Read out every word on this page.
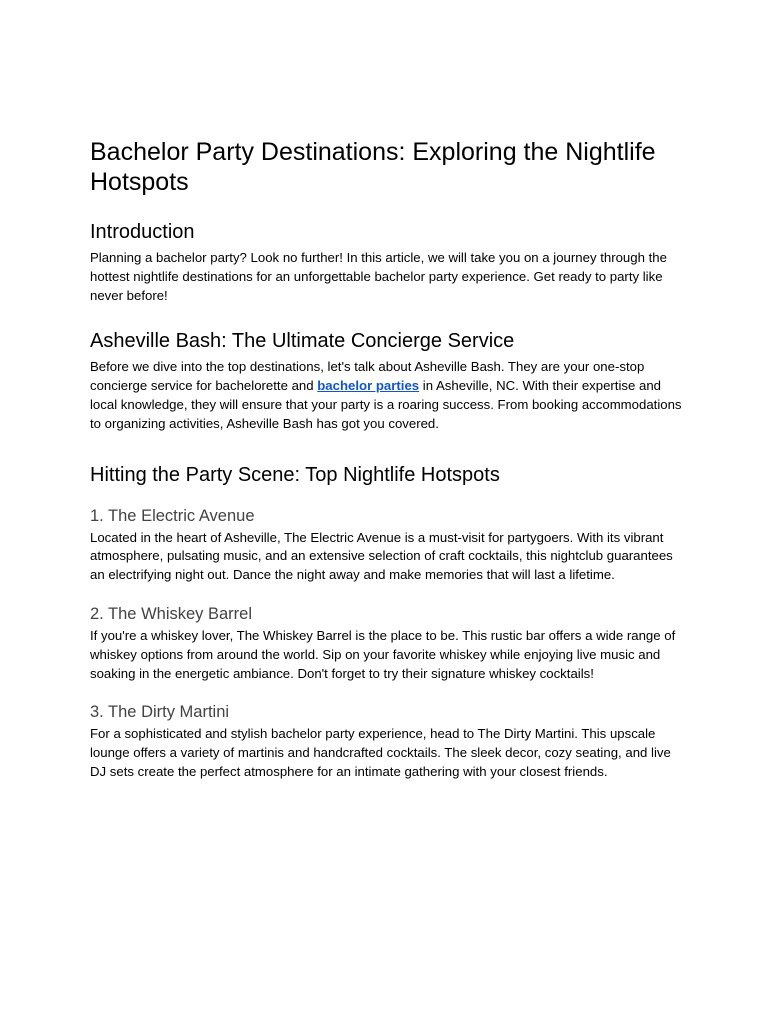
Bachelor Party Destinations: Exploring the Nightlife Hotspots
Introduction

Planning a bachelor party? Look no further! In this article, we will take you on a journey through the hottest nightlife destinations for an unforgettable bachelor party experience. Get ready to party like never before!

Asheville Bash: The Ultimate Concierge Service

Before we dive into the top destinations, let's talk about Asheville Bash. They are your one-stop concierge service for bachelorette and bachelor parties in Asheville, NC. With their expertise and local knowledge, they will ensure that your party is a roaring success. From booking accommodations to organizing activities, Asheville Bash has got you covered.

Hitting the Party Scene: Top Nightlife Hotspots
1. The Electric Avenue

Located in the heart of Asheville, The Electric Avenue is a must-visit for partygoers. With its vibrant atmosphere, pulsating music, and an extensive selection of craft cocktails, this nightclub guarantees an electrifying night out. Dance the night away and make memories that will last a lifetime.

2. The Whiskey Barrel

If you're a whiskey lover, The Whiskey Barrel is the place to be. This rustic bar offers a wide range of whiskey options from around the world. Sip on your favorite whiskey while enjoying live music and soaking in the energetic ambiance. Don't forget to try their signature whiskey cocktails!

3. The Dirty Martini

For a sophisticated and stylish bachelor party experience, head to The Dirty Martini. This upscale lounge offers a variety of martinis and handcrafted cocktails. The sleek decor, cozy seating, and live DJ sets create the perfect atmosphere for an intimate gathering with your closest friends.
